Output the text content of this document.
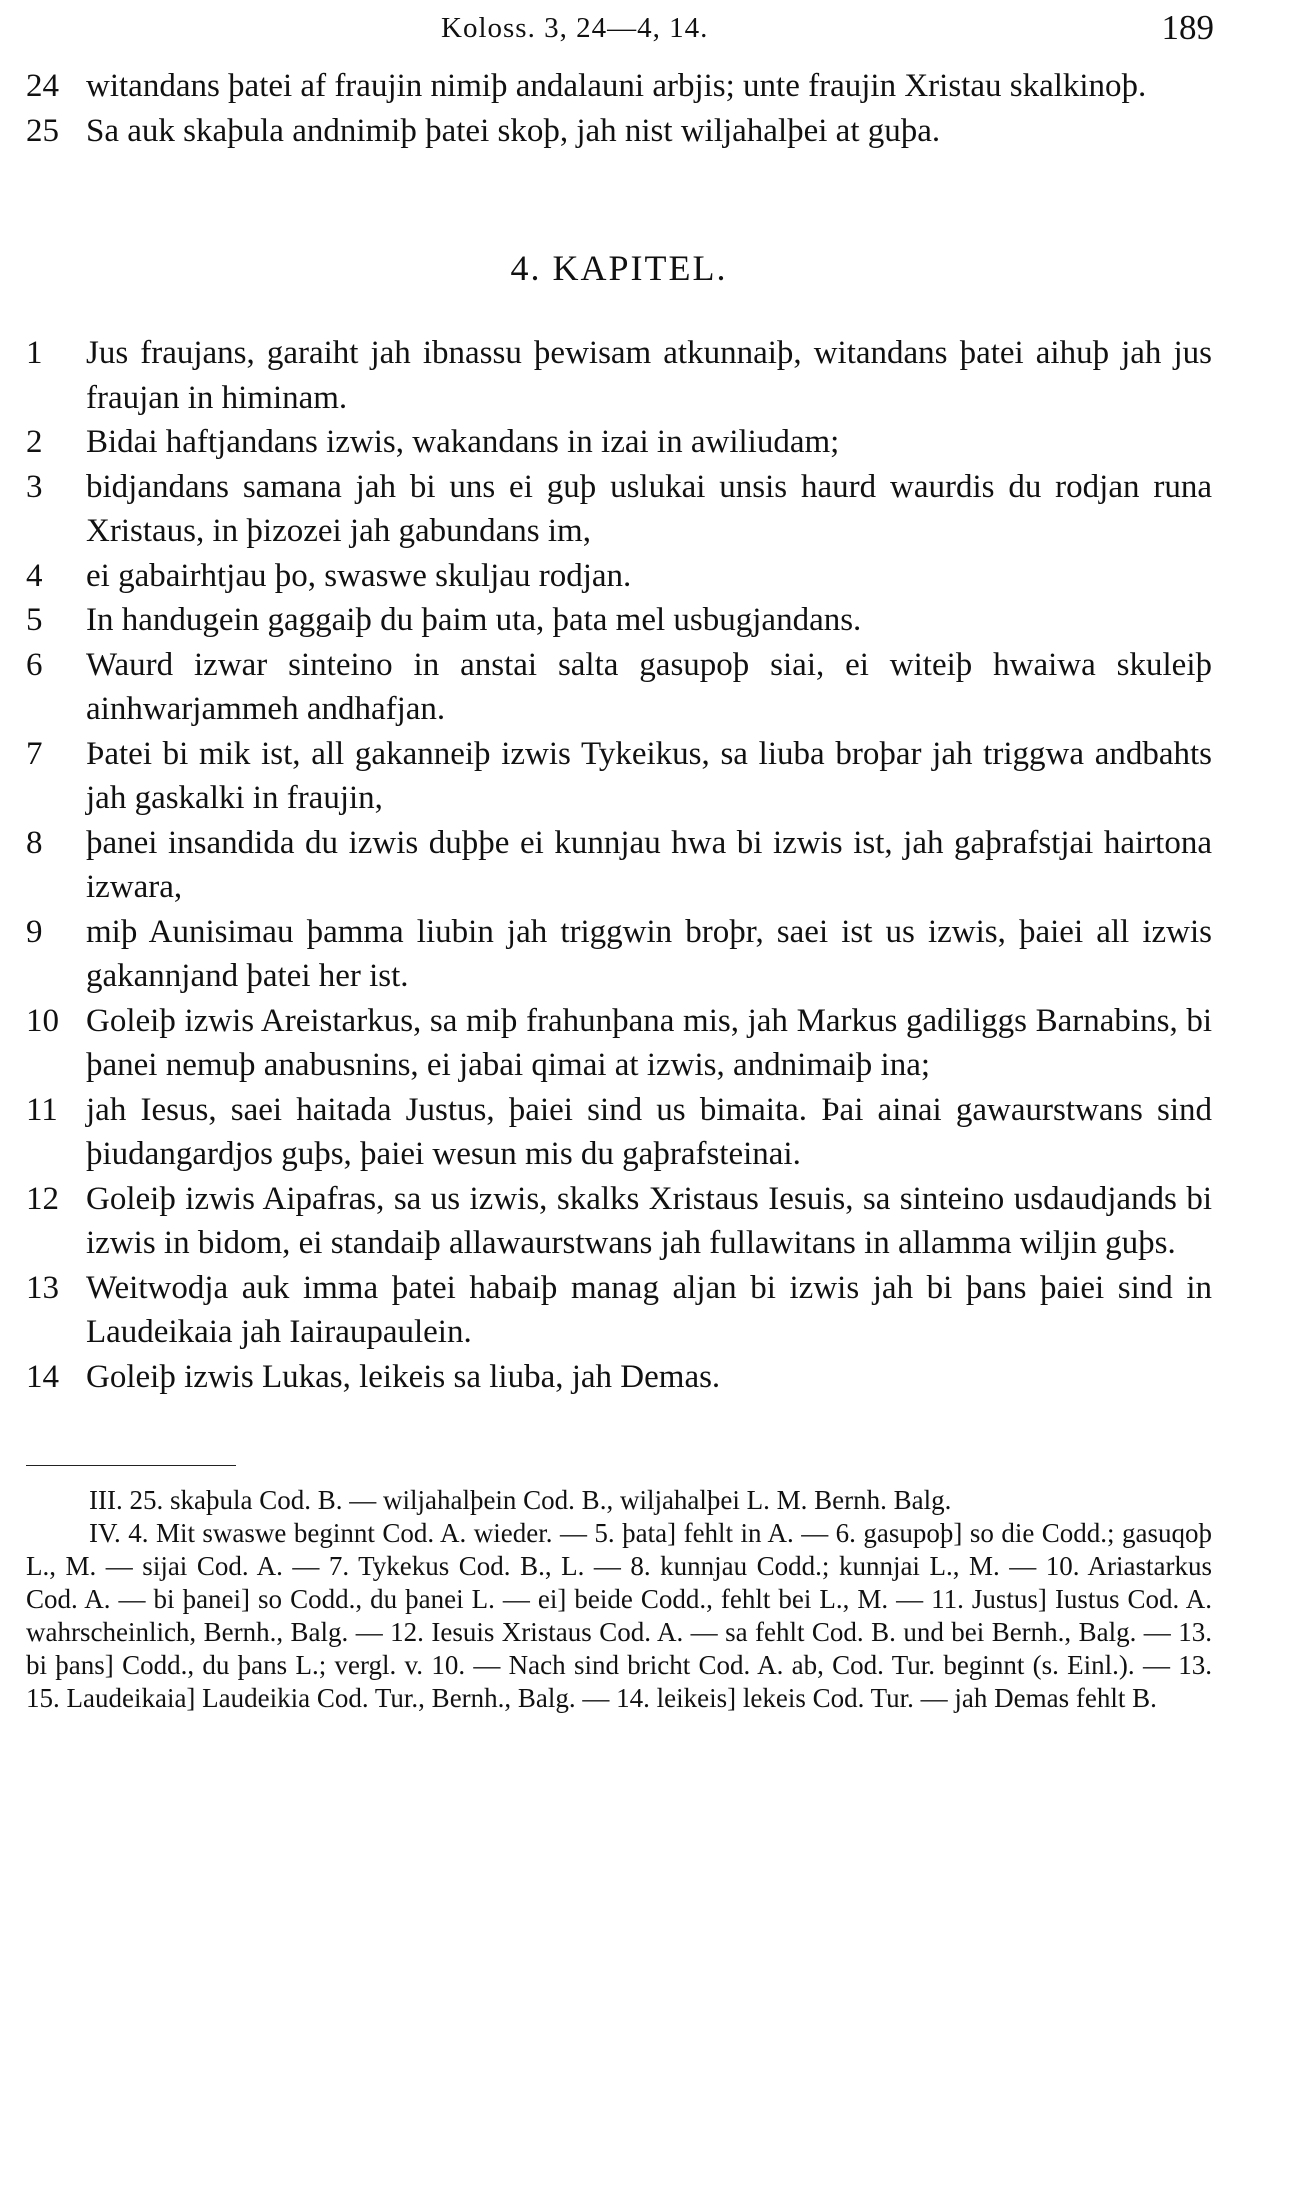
Koloss. 3, 24—4, 14.	189
24 witandans þatei af fraujin nimiþ andalauni arbjis; unte fraujin Xristau skalkinoþ.
25 Sa auk skaþula andnimiþ þatei skoþ, jah nist wiljahalþei at guþa.
4. KAPITEL.
1	Jus fraujans, garaiht jah ibnassu þewisam atkunnaiþ, witandans þatei aihuþ jah jus fraujan in himinam.
2	Bidai haftjandans izwis, wakandans in izai in awiliudam;
3	bidjandans samana jah bi uns ei guþ uslukai unsis haurd waurdis du rodjan runa Xristaus, in þizozei jah gabundans im,
4	ei gabairhtjau þo, swaswe skuljau rodjan.
5	In handugein gaggaiþ du þaim uta, þata mel usbugjandans.
6	Waurd izwar sinteino in anstai salta gasupoþ siai, ei witeiþ hwaiwa skuleiþ ainhwarjammeh andhafjan.
7	Þatei bi mik ist, all gakanneiþ izwis Tykeikus, sa liuba broþar jah triggwa andbahts jah gaskalki in fraujin,
8	þanei insandida du izwis duþþe ei kunnjau hwa bi izwis ist, jah gaþrafstjai hairtona izwara,
9	miþ Aunisimau þamma liubin jah triggwin broþr, saei ist us izwis, þaiei all izwis gakannjand þatei her ist.
10 Goleiþ izwis Areistarkus, sa miþ frahunþana mis, jah Markus gadiliggs Barnabins, bi þanei nemuþ anabusnins, ei jabai qimai at izwis, andnimaiþ ina;
11 jah Iesus, saei haitada Justus, þaiei sind us bimaita. Þai ainai gawaurstwans sind þiudangardjos guþs, þaiei wesun mis du gaþrafsteinai.
12 Goleiþ izwis Aipafras, sa us izwis, skalks Xristaus Iesuis, sa sinteino usdaudjands bi izwis in bidom, ei standaiþ allawaurstwans jah fullawitans in allamma wiljin guþs.
13 Weitwodja auk imma þatei habaiþ manag aljan bi izwis jah bi þans þaiei sind in Laudeikaia jah Iairaupaulein.
14 Goleiþ izwis Lukas, leikeis sa liuba, jah Demas.

III. 25. skaþula Cod. B. — wiljahalþein Cod. B., wiljahalþei L. M. Bernh. Balg.

IV. 4. Mit swaswe beginnt Cod. A. wieder. — 5. þata] fehlt in A. — 6. gasupoþ] so die Codd.; gasuqoþ L., M. — sijai Cod. A. — 7. Tykekus Cod. B., L. — 8. kunnjau Codd.; kunnjai L., M. — 10. Ariastarkus Cod. A. — bi þanei] so Codd., du þanei L. — ei] beide Codd., fehlt bei L., M. — 11. Justus] Iustus Cod. A. wahrscheinlich, Bernh., Balg. — 12. Iesuis Xristaus Cod. A. — sa fehlt Cod. B. und bei Bernh., Balg. — 13. bi þans] Codd., du þans L.; vergl. v. 10. — Nach sind bricht Cod. A. ab, Cod. Tur. beginnt (s. Einl.). — 13. 15. Laudeikaia] Laudeikia Cod. Tur., Bernh., Balg. — 14. leikeis] lekeis Cod. Tur. — jah Demas fehlt B.
